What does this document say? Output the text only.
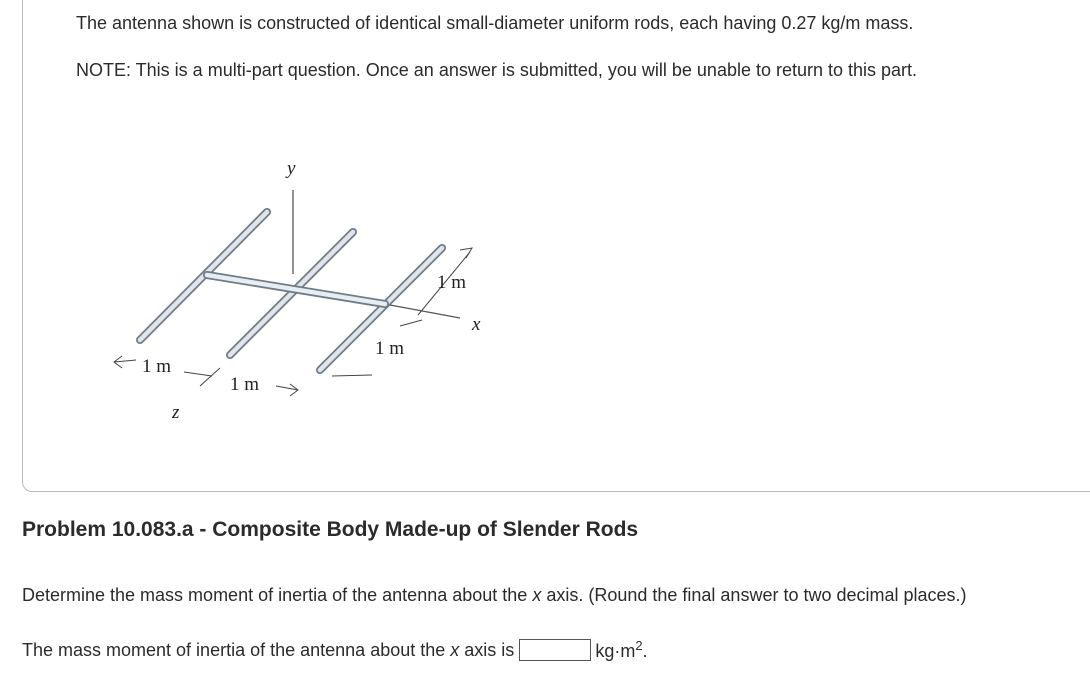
The antenna shown is constructed of identical small-diameter uniform rods, each having 0.27 kg/m mass.
NOTE: This is a multi-part question. Once an answer is submitted, you will be unable to return to this part.
y
x
z
1 m
1 m
1 m
1 m
Problem 10.083.a - Composite Body Made-up of Slender Rods
Determine the mass moment of inertia of the antenna about the x axis. (Round the final answer to two decimal places.)
The mass moment of inertia of the antenna about the
x
axis is	$kg\cdot m^2$.
